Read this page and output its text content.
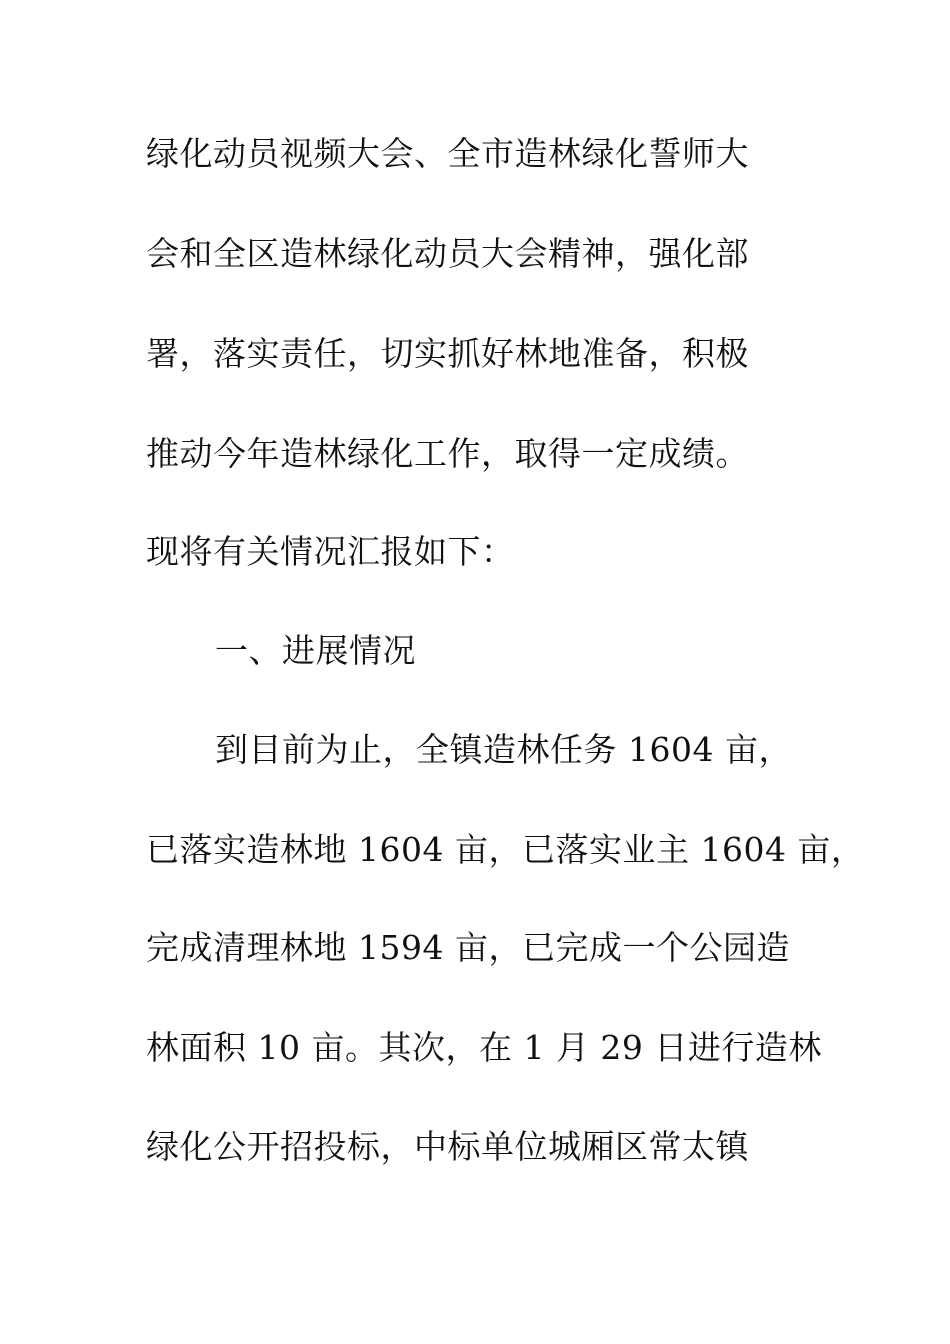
绿化动员视频大会、全市造林绿化誓师大
会和全区造林绿化动员大会精神，强化部
署，落实责任，切实抓好林地准备，积极
推动今年造林绿化工作，取得一定成绩。
现将有关情况汇报如下：
一、进展情况
到目前为止，全镇造林任务 1604 亩，
已落实造林地 1604 亩，已落实业主 1604 亩，
完成清理林地 1594 亩，已完成一个公园造
林面积 10 亩。其次，在 1 月 29 日进行造林
绿化公开招投标，中标单位城厢区常太镇
